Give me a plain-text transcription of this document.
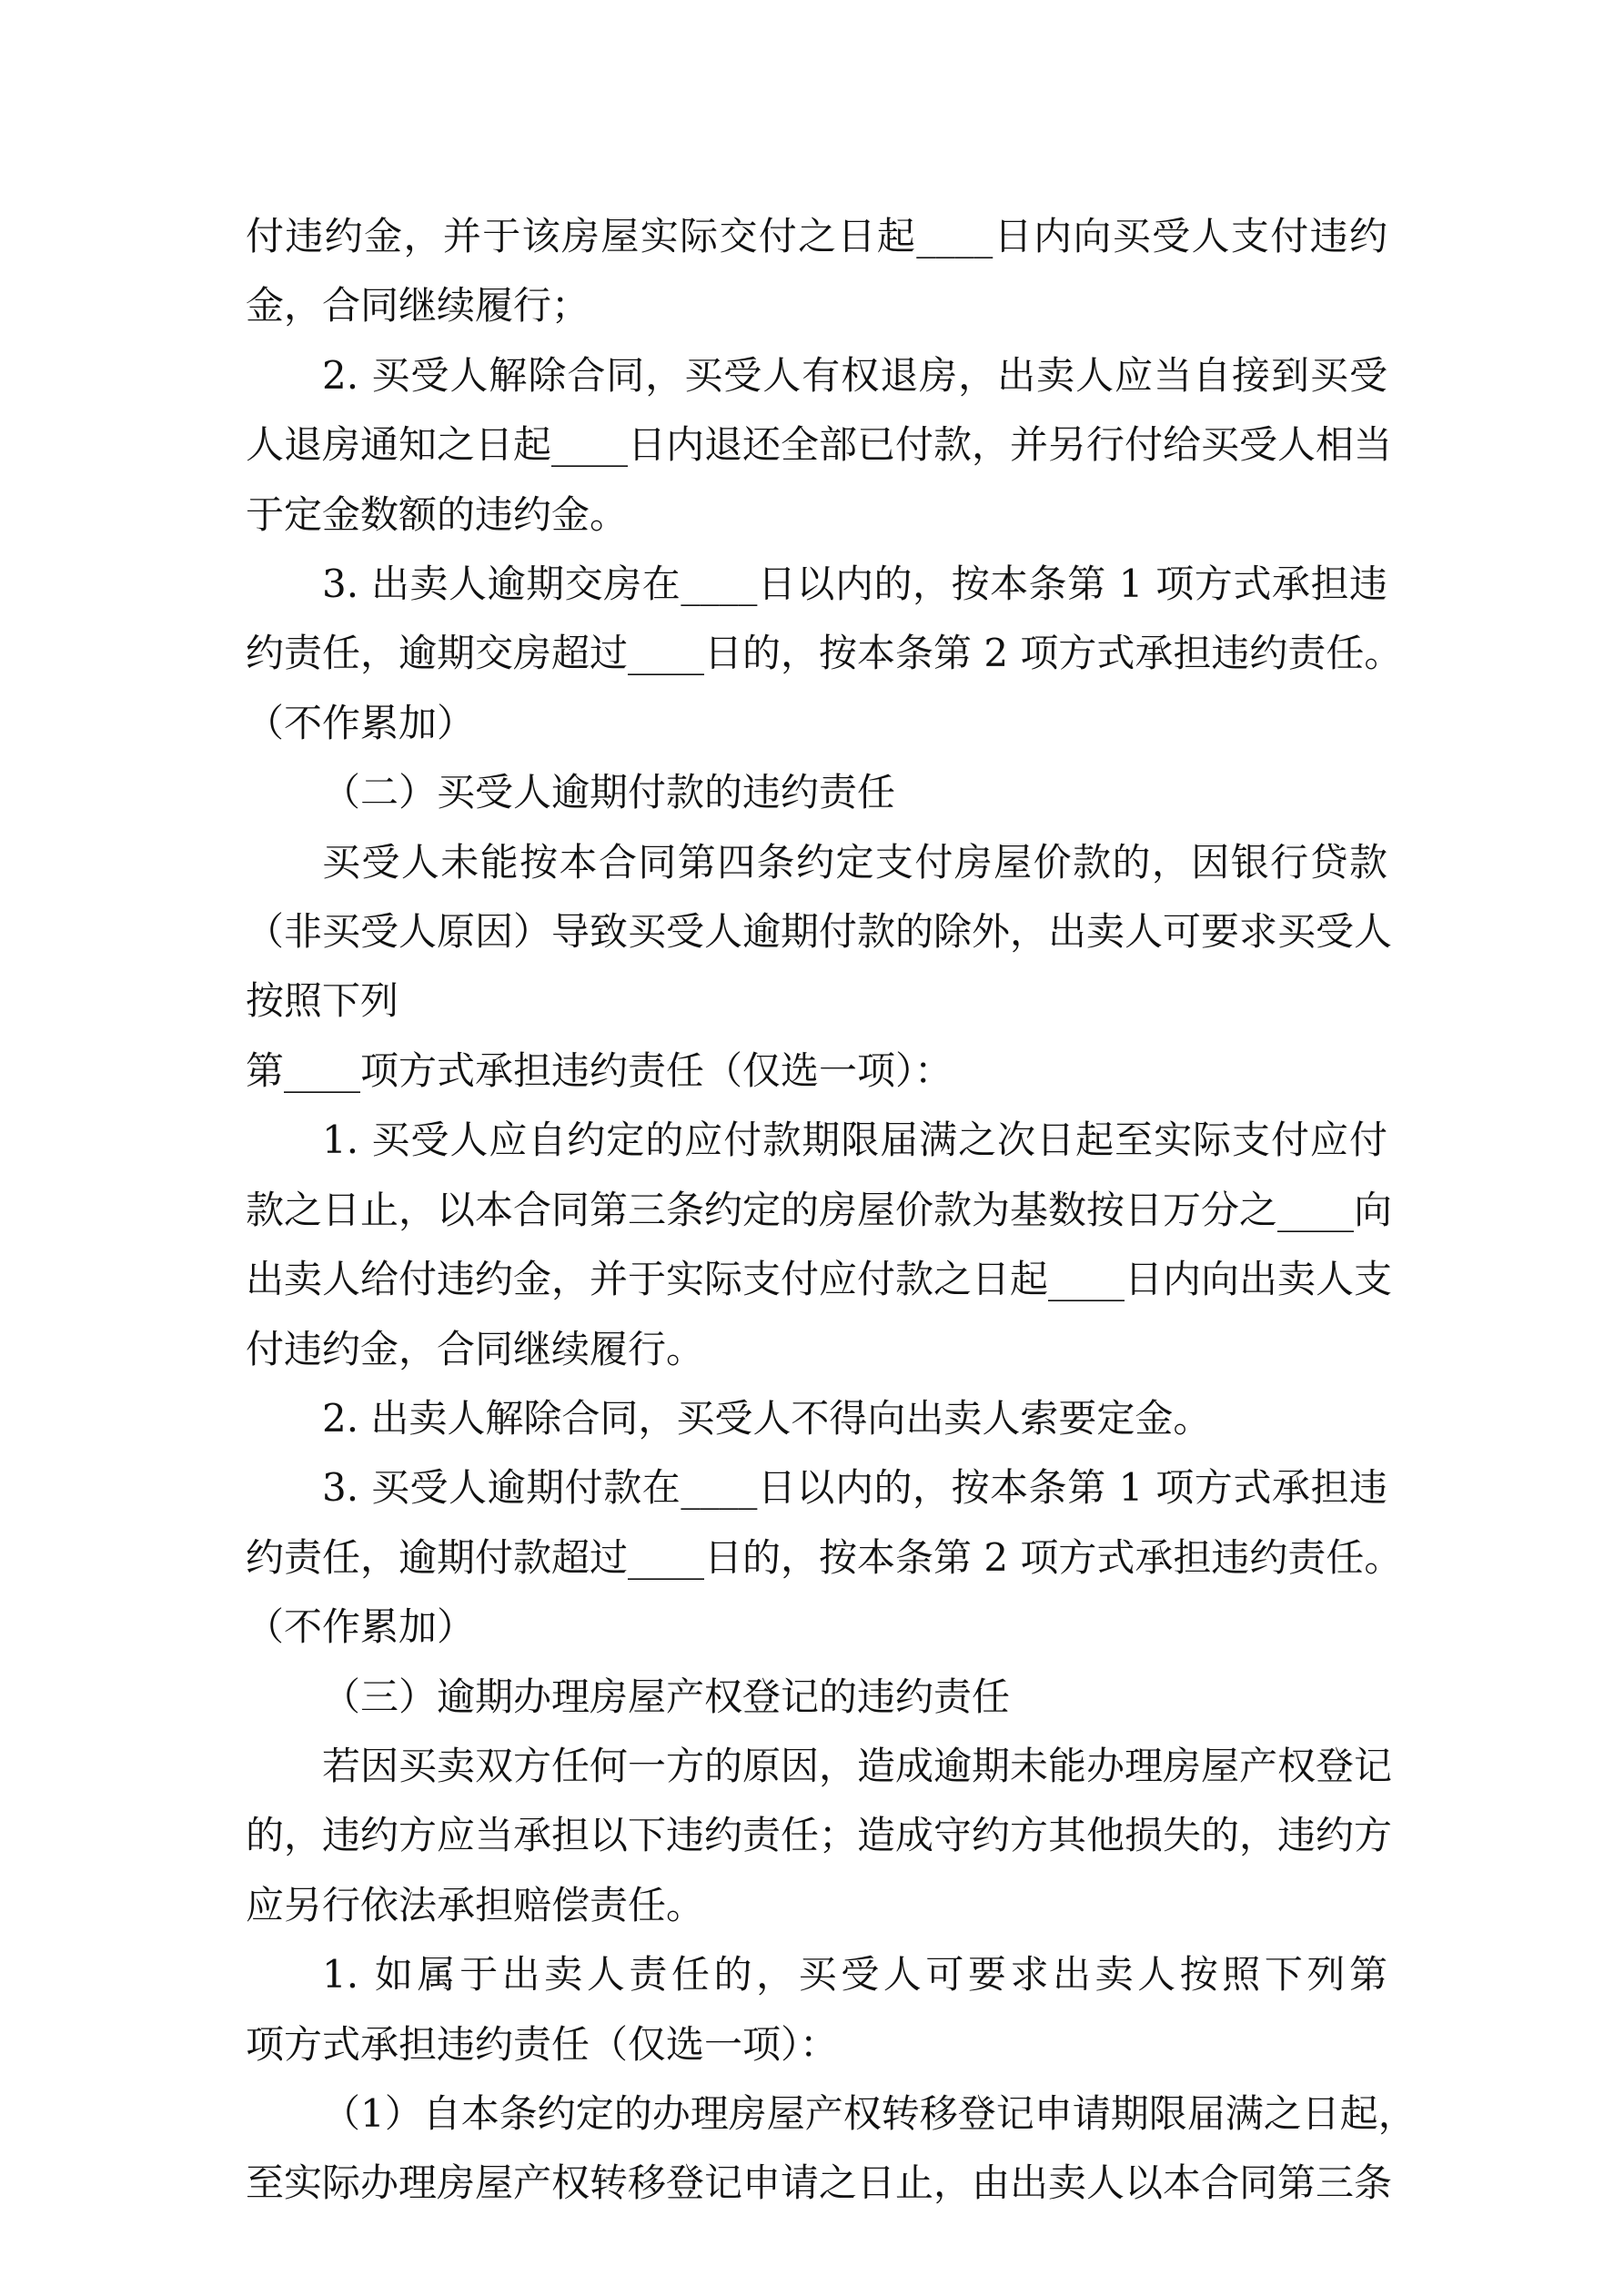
付违约金，并于该房屋实际交付之日起____日内向买受人支付违约
金，合同继续履行；
2. 买受人解除合同，买受人有权退房，出卖人应当自接到买受
人退房通知之日起____日内退还全部已付款，并另行付给买受人相当
于定金数额的违约金。
3. 出卖人逾期交房在____日以内的，按本条第 1 项方式承担违
约责任，逾期交房超过____日的，按本条第 2 项方式承担违约责任。
（不作累加）
（二）买受人逾期付款的违约责任
买受人未能按本合同第四条约定支付房屋价款的，因银行贷款
（非买受人原因）导致买受人逾期付款的除外，出卖人可要求买受人
按照下列
第____项方式承担违约责任（仅选一项）：
1. 买受人应自约定的应付款期限届满之次日起至实际支付应付
款之日止，以本合同第三条约定的房屋价款为基数按日万分之____向
出卖人给付违约金，并于实际支付应付款之日起____日内向出卖人支
付违约金，合同继续履行。
2. 出卖人解除合同，买受人不得向出卖人索要定金。
3. 买受人逾期付款在____日以内的，按本条第 1 项方式承担违
约责任，逾期付款超过____日的，按本条第 2 项方式承担违约责任。
（不作累加）
（三）逾期办理房屋产权登记的违约责任
若因买卖双方任何一方的原因，造成逾期未能办理房屋产权登记
的，违约方应当承担以下违约责任；造成守约方其他损失的，违约方
应另行依法承担赔偿责任。
1. 如属于出卖人责任的，买受人可要求出卖人按照下列第
项方式承担违约责任（仅选一项）：
（1）自本条约定的办理房屋产权转移登记申请期限届满之日起，
至实际办理房屋产权转移登记申请之日止，由出卖人以本合同第三条
